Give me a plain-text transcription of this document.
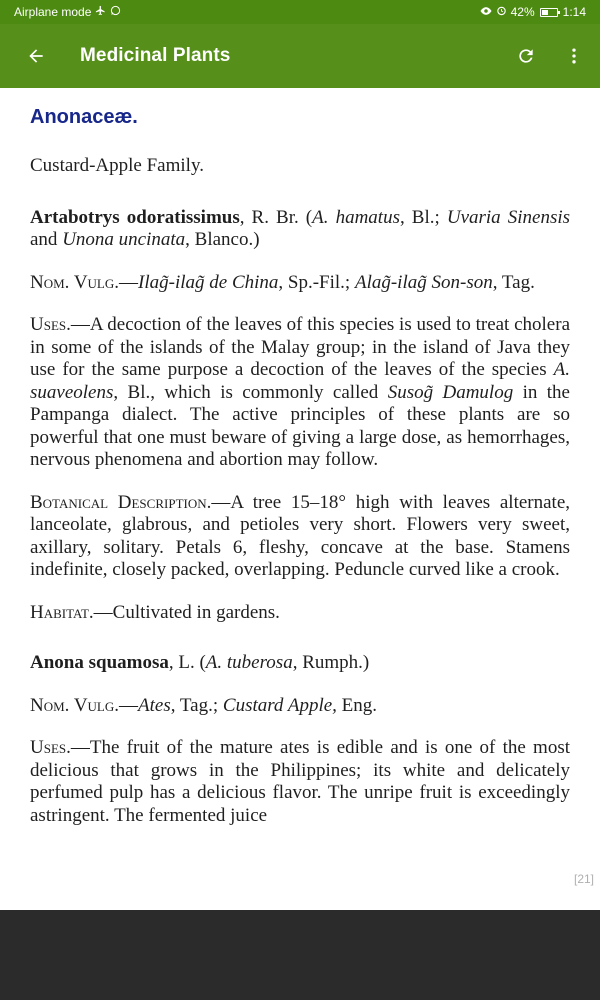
Airplane mode	42% 1:14
Medicinal Plants
Anonaceæ.

Custard-Apple Family.

Artabotrys odoratissimus, R. Br. (A. hamatus, Bl.; Uvaria Sinensis and Unona uncinata, Blanco.)

Nom. Vulg.—Ilag̃-ilag̃ de China, Sp.-Fil.; Alag̃-ilag̃ Son-son, Tag.

Uses.—A decoction of the leaves of this species is used to treat cholera in some of the islands of the Malay group; in the island of Java they use for the same purpose a decoction of the leaves of the species A. suaveolens, Bl., which is commonly called Susog̃ Damulog in the Pampanga dialect. The active principles of these plants are so powerful that one must beware of giving a large dose, as hemorrhages, nervous phenomena and abortion may follow.

Botanical Description.—A tree 15–18° high with leaves alternate, lanceolate, glabrous, and petioles very short. Flowers very sweet, axillary, solitary. Petals 6, fleshy, concave at the base. Stamens indefinite, closely packed, overlapping. Peduncle curved like a crook.

Habitat.—Cultivated in gardens.

Anona squamosa, L. (A. tuberosa, Rumph.)

Nom. Vulg.—Ates, Tag.; Custard Apple, Eng.

Uses.—The fruit of the mature ates is edible and is one of the most delicious that grows in the Philippines; its white and delicately perfumed pulp has a delicious flavor. The unripe fruit is exceedingly astringent. The fermented juice

[21]
